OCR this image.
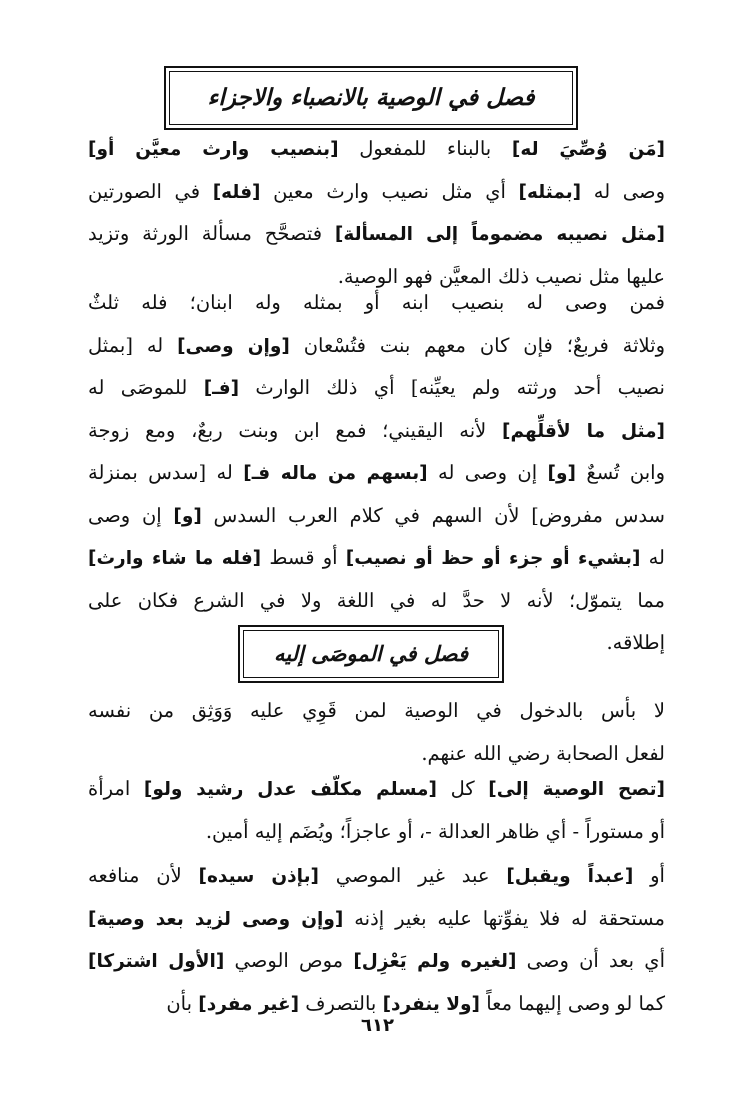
فصل في الوصية بالانصباء والاجزاء
[مَن وُصِّيَ له] بالبناء للمفعول [بنصيب وارث معيَّن أو]
وصى له [بمثله] أي مثل نصيب وارث معين [فله] في الصورتين
[مثل نصيبه مضموماً إلى المسألة] فتصحَّح مسألة الورثة وتزيد
عليها مثل نصيب ذلك المعيَّن فهو الوصية.
فمن وصى له بنصيب ابنه أو بمثله وله ابنان؛ فله ثلثٌ
وثلاثة فربعٌ؛ فإن كان معهم بنت فتُسْعان [وإن وصى] له [بمثل
نصيب أحد ورثته ولم يعيِّنه] أي ذلك الوارث [فـ] للموصَى له
[مثل ما لأقلِّهم] لأنه اليقيني؛ فمع ابن وبنت ربعٌ، ومع زوجة
وابن تُسعٌ [و] إن وصى له [بسهم من ماله فـ] له [سدس بمنزلة
سدس مفروض] لأن السهم في كلام العرب السدس [و] إن وصى
له [بشيء أو جزء أو حظ أو نصيب] أو قسط [فله ما شاء وارث]
مما يتموّل؛ لأنه لا حدَّ له في اللغة ولا في الشرع فكان على
إطلاقه.
فصل في الموصَى إليه
لا بأس بالدخول في الوصية لمن قَوِي عليه وَوَثِق من نفسه
لفعل الصحابة رضي الله عنهم.
[تصح الوصية إلى] كل [مسلم مكلّف عدل رشيد ولو] امرأة
أو مستوراً - أي ظاهر العدالة -، أو عاجزاً؛ ويُضَم إليه أمين.
أو [عبداً ويقبل] عبد غير الموصي [بإذن سيده] لأن منافعه
مستحقة له فلا يفوِّتها عليه بغير إذنه [وإن وصى لزيد بعد وصية]
أي بعد أن وصى [لغيره ولم يَعْزِل] موص الوصي [الأول اشتركا]
كما لو وصى إليهما معاً [ولا ينفرد] بالتصرف [غير مفرد] بأن
٦١٢
